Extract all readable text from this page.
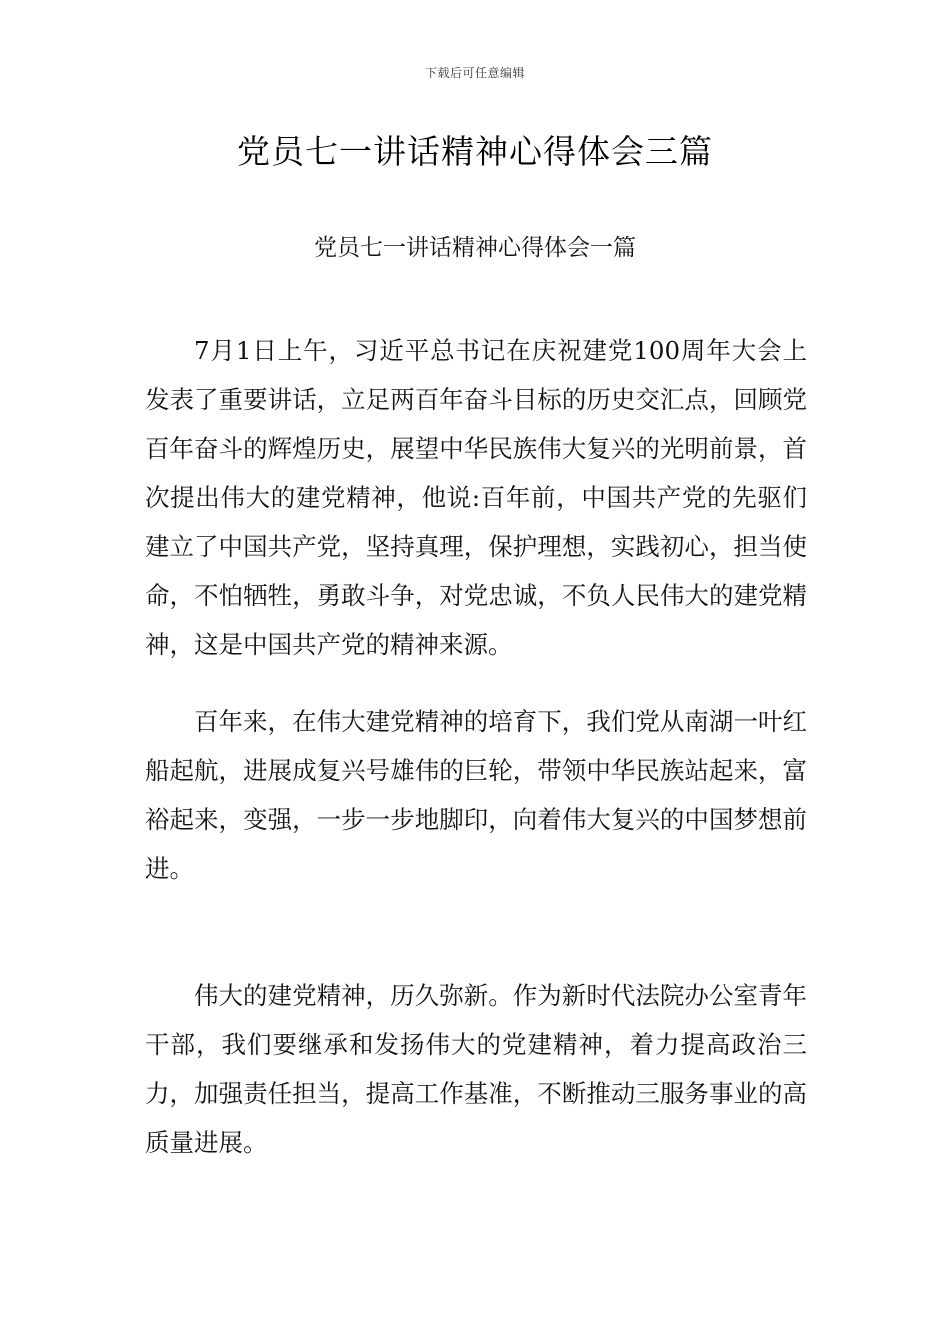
下载后可任意编辑
党员七一讲话精神心得体会三篇
党员七一讲话精神心得体会一篇

7月1日上午，习近平总书记在庆祝建党100周年大会上发表了重要讲话，立足两百年奋斗目标的历史交汇点，回顾党百年奋斗的辉煌历史，展望中华民族伟大复兴的光明前景，首次提出伟大的建党精神，他说:百年前，中国共产党的先驱们建立了中国共产党，坚持真理，保护理想，实践初心，担当使命，不怕牺牲，勇敢斗争，对党忠诚，不负人民伟大的建党精神，这是中国共产党的精神来源。

百年来，在伟大建党精神的培育下，我们党从南湖一叶红船起航，进展成复兴号雄伟的巨轮，带领中华民族站起来，富裕起来，变强，一步一步地脚印，向着伟大复兴的中国梦想前进。

伟大的建党精神，历久弥新。作为新时代法院办公室青年干部，我们要继承和发扬伟大的党建精神，着力提高政治三力，加强责任担当，提高工作基准，不断推动三服务事业的高质量进展。
